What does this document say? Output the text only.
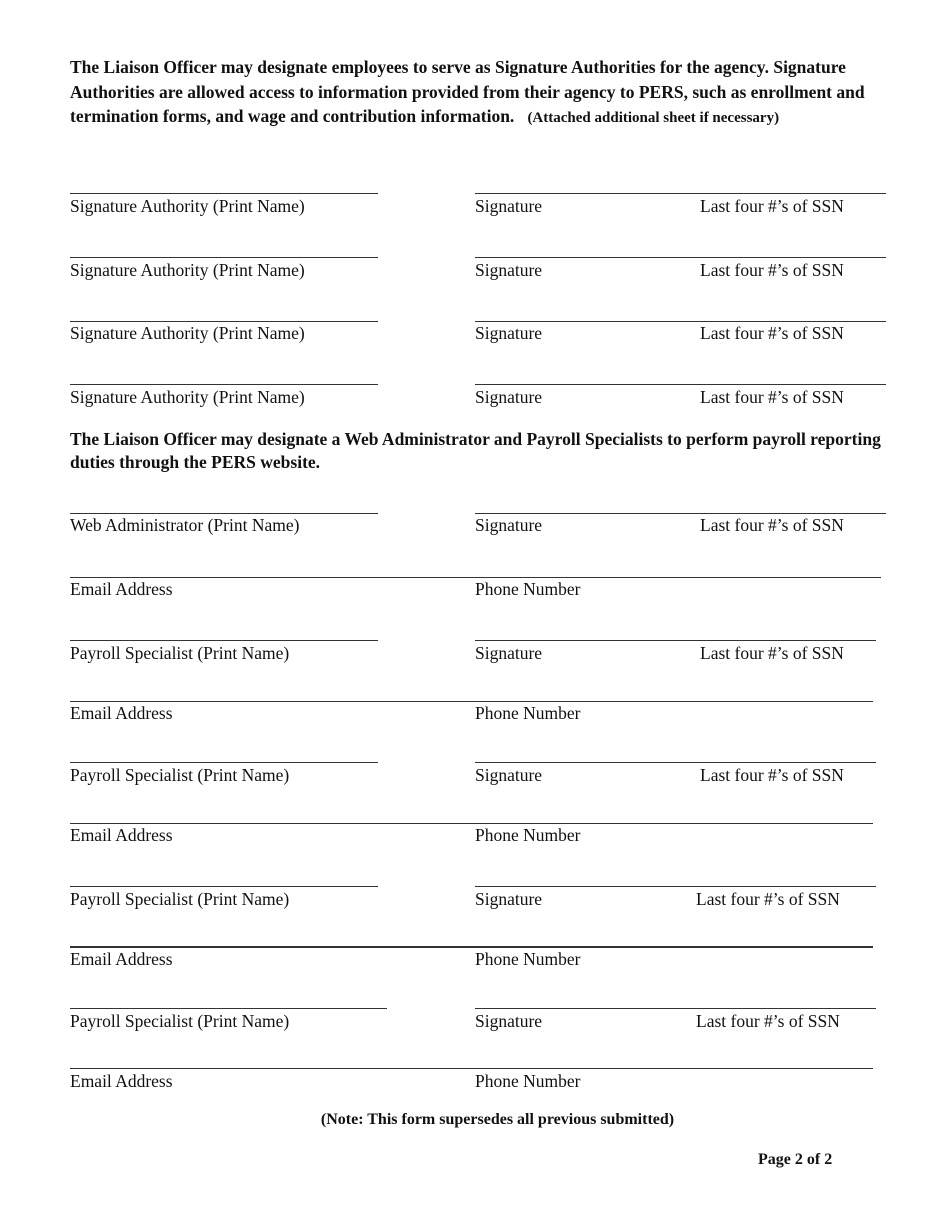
The Liaison Officer may designate employees to serve as Signature Authorities for the agency. Signature Authorities are allowed access to information provided from their agency to PERS, such as enrollment and termination forms, and wage and contribution information. (Attached additional sheet if necessary)
Signature Authority (Print Name)	Signature	Last four #’s of SSN
Signature Authority (Print Name)	Signature	Last four #’s of SSN
Signature Authority (Print Name)	Signature	Last four #’s of SSN
Signature Authority (Print Name)	Signature	Last four #’s of SSN
The Liaison Officer may designate a Web Administrator and Payroll Specialists to perform payroll reporting duties through the PERS website.
Web Administrator (Print Name)	Signature	Last four #’s of SSN
Email Address	Phone Number
Payroll Specialist (Print Name)	Signature	Last four #’s of SSN
Email Address	Phone Number
Payroll Specialist (Print Name)	Signature	Last four #’s of SSN
Email Address	Phone Number
Payroll Specialist (Print Name)	Signature	Last four #’s of SSN
Email Address	Phone Number
Payroll Specialist (Print Name)	Signature	Last four #’s of SSN
Email Address	Phone Number
(Note: This form supersedes all previous submitted)
Page 2 of 2
